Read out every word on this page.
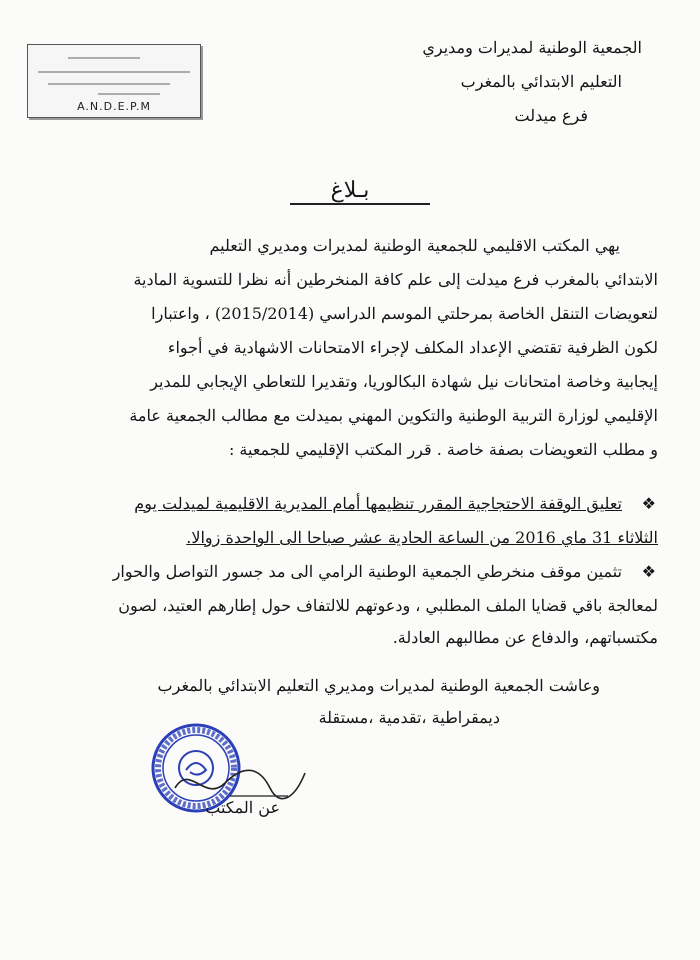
A.N.D.E.P.M
الجمعية الوطنية لمديرات ومديري
التعليم الابتدائي بالمغرب
فرع ميدلت
بـلاغ
يهي المكتب الاقليمي للجمعية الوطنية لمديرات ومديري التعليم
الابتدائي بالمغرب فرع ميدلت إلى علم كافة المنخرطين أنه نظرا للتسوية المادية
لتعويضات التنقل الخاصة بمرحلتي الموسم الدراسي (2015/2014) ، واعتبارا
لكون الظرفية تقتضي الإعداد المكلف لإجراء الامتحانات الاشهادية في أجواء
إيجابية وخاصة امتحانات نيل شهادة البكالوريا، وتقديرا للتعاطي الإيجابي للمدير
الإقليمي لوزارة التربية الوطنية والتكوين المهني بميدلت مع مطالب الجمعية عامة
و مطلب التعويضات بصفة خاصة . قرر المكتب الإقليمي للجمعية :
❖
تعليق الوقفة الاحتجاجية المقرر تنظيمها أمام المديرية الاقليمية لميدلت يوم
الثلاثاء 31 ماي 2016 من الساعة الحادية عشر صباحا الى الواحدة زوالا.
❖
تثمين موقف منخرطي الجمعية الوطنية الرامي الى مد جسور التواصل والحوار
لمعالجة باقي قضايا الملف المطلبي ، ودعوتهم للالتفاف حول إطارهم العتيد، لصون
مكتسباتهم، والدفاع عن مطالبهم العادلة.
وعاشت الجمعية الوطنية لمديرات ومديري التعليم الابتدائي بالمغرب
ديمقراطية ،تقدمية ،مستقلة
عن المكتب
